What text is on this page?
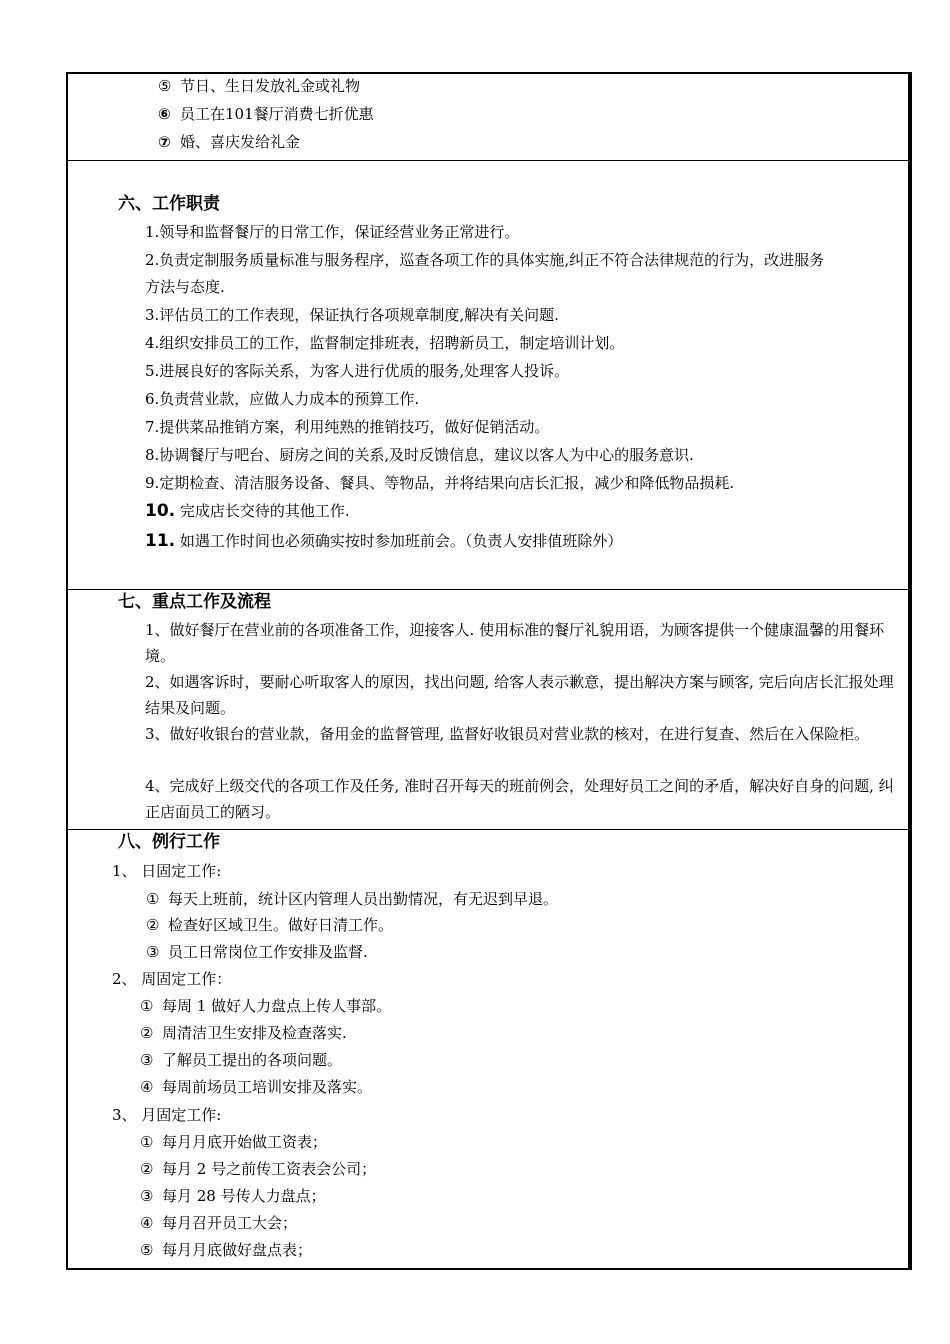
⑤ 节日、生日发放礼金或礼物
⑥ 员工在101餐厅消费七折优惠
⑦ 婚、喜庆发给礼金
六、工作职责
1.领导和监督餐厅的日常工作，保证经营业务正常进行。
2.负责定制服务质量标准与服务程序，巡查各项工作的具体实施,纠正不符合法律规范的行为，改进服务
方法与态度.
3.评估员工的工作表现，保证执行各项规章制度,解决有关问题.
4.组织安排员工的工作，监督制定排班表，招聘新员工，制定培训计划。
5.进展良好的客际关系，为客人进行优质的服务,处理客人投诉。
6.负责营业款，应做人力成本的预算工作.
7.提供菜品推销方案，利用纯熟的推销技巧，做好促销活动。
8.协调餐厅与吧台、厨房之间的关系,及时反馈信息，建议以客人为中心的服务意识.
9.定期检查、清洁服务设备、餐具、等物品，并将结果向店长汇报，减少和降低物品损耗.
10. 完成店长交待的其他工作.
11. 如遇工作时间也必须确实按时参加班前会。（负责人安排值班除外）
七、重点工作及流程
1、做好餐厅在营业前的各项准备工作，迎接客人. 使用标准的餐厅礼貌用语，为顾客提供一个健康温馨的用餐环境。
2、如遇客诉时，要耐心听取客人的原因，找出问题, 给客人表示歉意，提出解决方案与顾客, 完后向店长汇报处理结果及问题。
3、做好收银台的营业款，备用金的监督管理, 监督好收银员对营业款的核对，在进行复查、然后在入保险柜。
4、完成好上级交代的各项工作及任务, 准时召开每天的班前例会，处理好员工之间的矛盾，解决好自身的问题, 纠正店面员工的陋习。
八、例行工作
1、 日固定工作:
① 每天上班前，统计区内管理人员出勤情况，有无迟到早退。
② 检查好区域卫生。做好日清工作。
③ 员工日常岗位工作安排及监督.
2、 周固定工作：
① 每周 1 做好人力盘点上传人事部。
② 周清洁卫生安排及检查落实.
③ 了解员工提出的各项问题。
④ 每周前场员工培训安排及落实。
3、 月固定工作:
① 每月月底开始做工资表；
② 每月 2 号之前传工资表会公司；
③ 每月 28 号传人力盘点；
④ 每月召开员工大会；
⑤ 每月月底做好盘点表；
